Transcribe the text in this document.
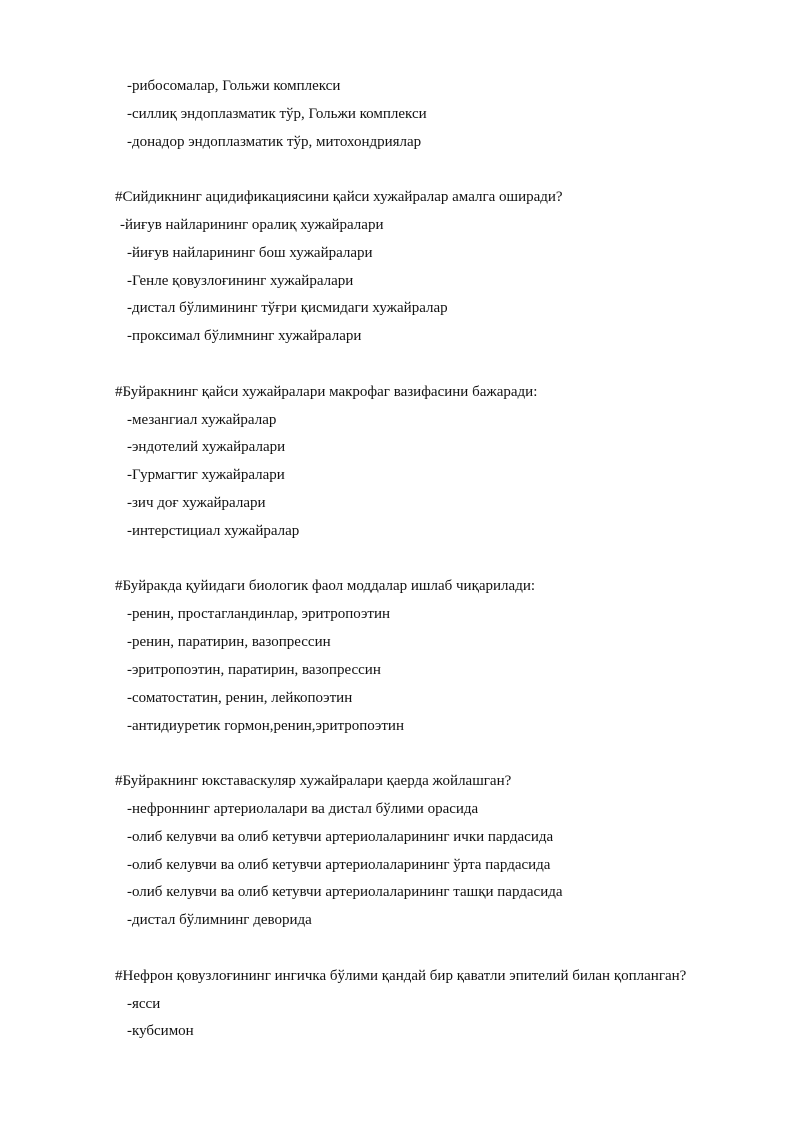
-рибосомалар, Гольжи комплекси
-силлиқ эндоплазматик тўр, Гольжи комплекси
-донадор эндоплазматик тўр, митохондриялар
#Сийдикнинг ацидификациясини қайси хужайралар амалга оширади?
-йиғув найларининг оралиқ хужайралари
-йиғув найларининг бош хужайралари
-Генле қовузлоғининг хужайралари
-дистал бўлимининг тўғри қисмидаги хужайралар
-проксимал бўлимнинг хужайралари
#Буйракнинг қайси хужайралари макрофаг вазифасини бажаради:
-мезангиал хужайралар
-эндотелий хужайралари
-Гурмагтиг хужайралари
-зич доғ хужайралари
-интерстициал хужайралар
#Буйракда қуйидаги биологик фаол моддалар ишлаб чиқарилади:
-ренин, простагландинлар, эритропоэтин
-ренин, паратирин, вазопрессин
-эритропоэтин, паратирин, вазопрессин
-соматостатин, ренин, лейкопоэтин
-антидиуретик гормон,ренин,эритропоэтин
#Буйракнинг юкставаскуляр хужайралари қаерда жойлашган?
-нефроннинг артериолалари ва дистал бўлими орасида
-олиб келувчи ва олиб кетувчи артериолаларининг ички пардасида
-олиб келувчи ва олиб кетувчи артериолаларининг ўрта пардасида
-олиб келувчи ва олиб кетувчи артериолаларининг ташқи пардасида
-дистал бўлимнинг деворида
#Нефрон қовузлоғининг ингичка бўлими қандай бир қаватли эпителий билан қопланган?
-ясси
-кубсимон
